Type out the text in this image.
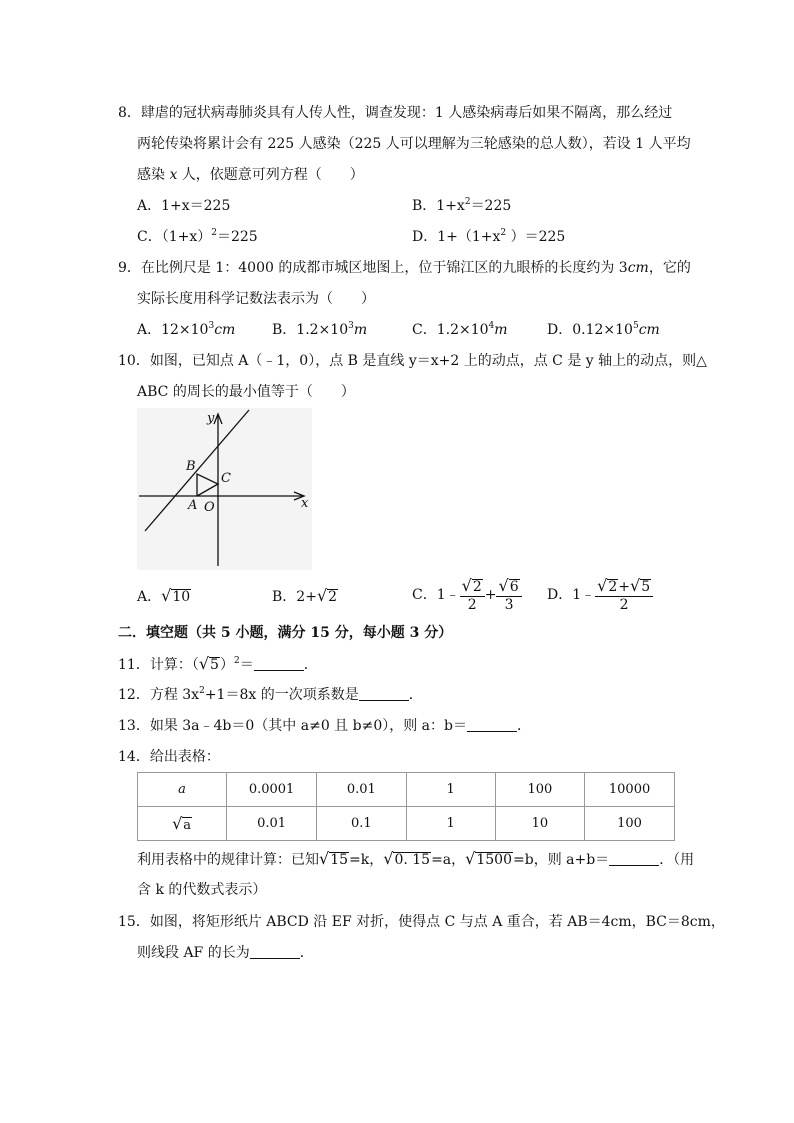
8．肆虐的冠状病毒肺炎具有人传人性，调查发现：1 人感染病毒后如果不隔离，那么经过
两轮传染将累计会有 225 人感染（225 人可以理解为三轮感染的总人数），若设 1 人平均
感染 x 人，依题意可列方程（　　）
A．1+x＝225	B．$1+x^2=225$
C．$(1+x)^2=225$	D．$1+(1+x^2$ ）＝225
9．在比例尺是 1：4000 的成都市城区地图上，位于锦江区的九眼桥的长度约为 3cm，它的
实际长度用科学记数法表示为（　　）
A．$12\times 10^3cm$	B．$1.2\times 10^3m$	C．$1.2\times 10^4m$	D．$0.12\times 10^5cm$
10．如图，已知点 A（﹣1，0），点 B 是直线 y＝x+2 上的动点，点 C 是 y 轴上的动点，则△
ABC 的周长的最小值等于（　　）
y
x
B
C
A O
A．√10	B．2+√2	C．1﹣ $\frac{√2}{2} + \frac{√6}{3}$ D．1﹣ $\frac{√2+√5}{2}$
二．填空题（共 5 小题，满分 15 分，每小题 3 分）
11．计算：$(√5)^2=$	．
12．方程 $3x^2+1=8x$ 的一次项系数是	．
13．如果 3a﹣4b＝0（其中 a≠0 且 b≠0），则 a：b＝	．
14．给出表格：
a	0.0001	0.01	1	100	10000
√a	0.01	0.1	1	10	100
利用表格中的规律计算：已知√15=k，√0. 15=a，√1500=b，则 a+b＝	．（用
含 k 的代数式表示）
15．如图，将矩形纸片 ABCD 沿 EF 对折，使得点 C 与点 A 重合，若 AB＝4cm，BC＝8cm，
则线段 AF 的长为	．
